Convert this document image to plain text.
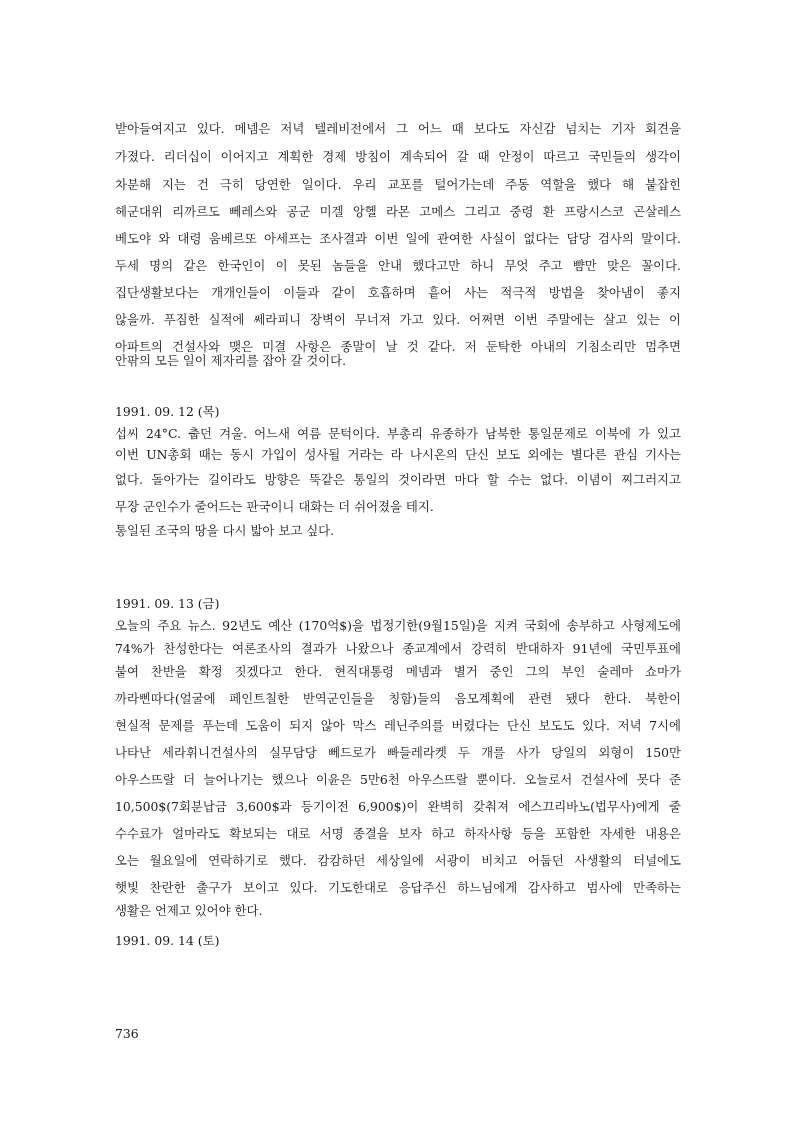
받아들여지고 있다. 메넴은 저녁 텔레비전에서 그 어느 때 보다도 자신감 넘치는 기자 회견을
가졌다. 리더십이 이어지고 계획한 경제 방침이 계속되어 갈 때 안정이 따르고 국민들의 생각이
차분해 지는 건 극히 당연한 일이다. 우리 교포를 털어가는데 주동 역할을 했다 해 붙잡힌
헤군대위 리까르도 뻬레스와 공군 미겔 앙헬 라몬 고메스 그리고 중령 환 프랑시스코 곤살레스
베도야 와 대령 움베르또 아세프는 조사결과 이번 일에 관여한 사실이 없다는 담당 검사의 말이다.
두세 명의 같은 한국인이 이 못된 놈들을 안내 했다고만 하니 무엇 주고 뺨만 맞은 꼴이다.
집단생활보다는 개개인들이 이들과 같이 호흡하며 흩어 사는 적극적 방법을 찾아냄이 좋지
않을까. 푸짐한 실적에 쎄라피니 장벽이 무너져 가고 있다. 어쩌면 이번 주말에는 살고 있는 이
아파트의 건설사와 맺은 미결 사항은 종말이 날 것 같다. 저 둔탁한 아내의 기침소리만 멈추면
안팎의 모든 일이 제자리를 잡아 갈 것이다.
1991. 09. 12 (목)
섭씨 24°C. 춥던 겨울. 어느새 여름 문턱이다. 부총리 유종하가 남북한 통일문제로 이북에 가 있고
이번 UN총회 때는 동시 가입이 성사될 거라는 라 나시온의 단신 보도 외에는 별다른 관심 기사는
없다. 돌아가는 길이라도 방향은 뚝같은 통일의 것이라면 마다 할 수는 없다. 이념이 찌그러지고
무장 군인수가 줄어드는 판국이니 대화는 더 쉬어졌을 테지.
통일된 조국의 땅을 다시 밟아 보고 싶다.
1991. 09. 13 (금)
오늘의 주요 뉴스. 92년도 예산 (170억$)을 법정기한(9월15일)을 지켜 국회에 송부하고 사형제도에
74%가 찬성한다는 여론조사의 결과가 나왔으나 종교계에서 강력히 반대하자 91년에 국민투표에
붙여 찬반을 확정 짓겠다고 한다. 현직대통령 메넴과 별거 중인 그의 부인 술레마 쇼마가
까라삔따다(얼굴에 페인트칠한 반역군인들을 칭함)들의 음모계획에 관련 됐다 한다. 북한이
현실적 문제를 푸는데 도움이 되지 않아 막스 레닌주의를 버렸다는 단신 보도도 있다. 저녁 7시에
나타난 세라휘니건설사의 실무담당 뻬드로가 빠들레라켓 두 개를 사가 당일의 외형이 150만
아우스뜨랄 더 늘어나기는 했으나 이윤은 5만6천 아우스뜨랄 뿐이다. 오늘로서 건설사에 못다 준
10,500$(7회분납금 3,600$과 등기이전 6,900$)이 완벽히 갖춰져 에스끄리바노(법무사)에게 줄
수수료가 얼마라도 확보되는 대로 서명 종결을 보자 하고 하자사항 등을 포함한 자세한 내용은
오는 월요일에 연락하기로 했다. 캄캄하던 세상일에 서광이 비치고 어둡던 사생활의 터널에도
햇빛 찬란한 출구가 보이고 있다. 기도한대로 응답주신 하느님에게 감사하고 범사에 만족하는
생활은 언제고 있어야 한다.
1991. 09. 14 (토)
736
